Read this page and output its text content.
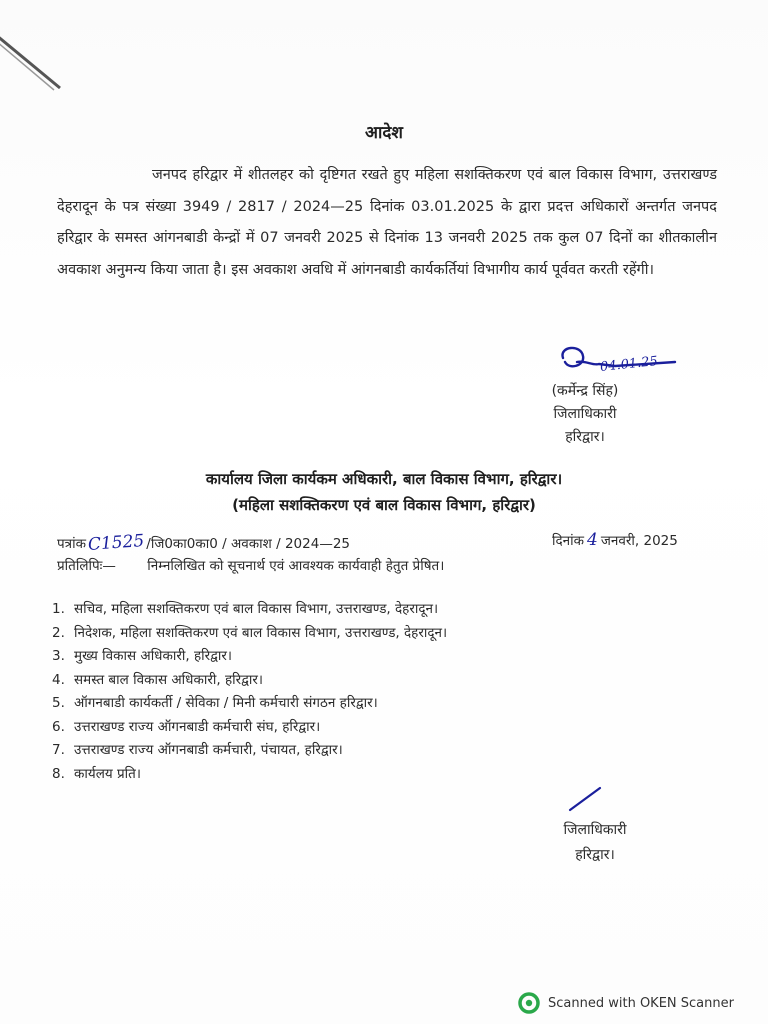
आदेश
जनपद हरिद्वार में शीतलहर को दृष्टिगत रखते हुए महिला सशक्तिकरण एवं बाल विकास विभाग, उत्तराखण्ड देहरादून के पत्र संख्या 3949 / 2817 / 2024—25 दिनांक 03.01.2025 के द्वारा प्रदत्त अधिकारों अन्तर्गत जनपद हरिद्वार के समस्त आंगनबाडी केन्द्रों में 07 जनवरी 2025 से दिनांक 13 जनवरी 2025 तक कुल 07 दिनों का शीतकालीन अवकाश अनुमन्य किया जाता है। इस अवकाश अवधि में आंगनबाडी कार्यकर्तियां विभागीय कार्य पूर्ववत करती रहेंगी।
04.01.25
(कर्मेन्द्र सिंह)
जिलाधिकारी
हरिद्वार।
कार्यालय जिला कार्यकम अधिकारी, बाल विकास विभाग, हरिद्वार।
(महिला सशक्तिकरण एवं बाल विकास विभाग, हरिद्वार)
पत्रांकC1525/जि0का0का0 / अवकाश / 2024—25	दिनांक 4 जनवरी, 2025
प्रतिलिपिः— निम्नलिखित को सूचनार्थ एवं आवश्यक कार्यवाही हेतुत प्रेषित।
1. सचिव, महिला सशक्तिकरण एवं बाल विकास विभाग, उत्तराखण्ड, देहरादून।
2. निदेशक, महिला सशक्तिकरण एवं बाल विकास विभाग, उत्तराखण्ड, देहरादून।
3. मुख्य विकास अधिकारी, हरिद्वार।
4. समस्त बाल विकास अधिकारी, हरिद्वार।
5. ऑगनबाडी कार्यकर्ती / सेविका / मिनी कर्मचारी संगठन हरिद्वार।
6. उत्तराखण्ड राज्य ऑगनबाडी कर्मचारी संघ, हरिद्वार।
7. उत्तराखण्ड राज्य ऑगनबाडी कर्मचारी, पंचायत, हरिद्वार।
8. कार्यलय प्रति।
जिलाधिकारी
हरिद्वार।
Scanned with OKEN Scanner
